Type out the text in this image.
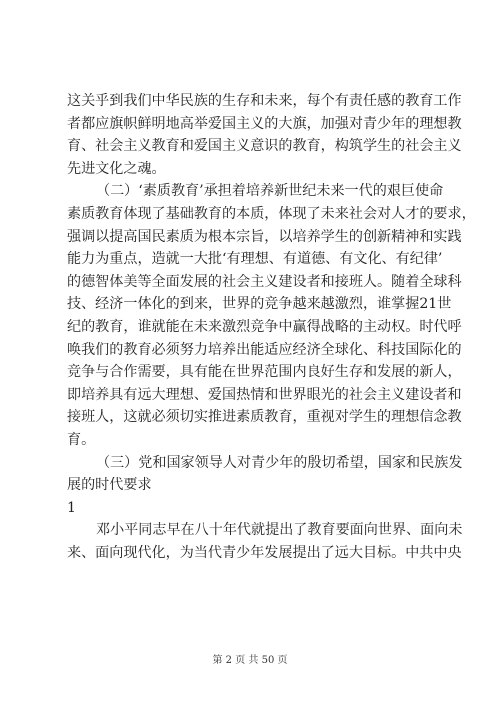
这关乎到我们中华民族的生存和未来，每个有责任感的教育工作
者都应旗帜鲜明地高举爱国主义的大旗，加强对青少年的理想教
育、社会主义教育和爱国主义意识的教育，构筑学生的社会主义
先进文化之魂。
（二）‘素质教育’承担着培养新世纪未来一代的艰巨使命
素质教育体现了基础教育的本质，体现了未来社会对人才的要求，
强调以提高国民素质为根本宗旨，以培养学生的创新精神和实践
能力为重点，造就一大批‘有理想、有道德、有文化、有纪律’
的德智体美等全面发展的社会主义建设者和接班人。随着全球科
技、经济一体化的到来，世界的竞争越来越激烈，谁掌握21世
纪的教育，谁就能在未来激烈竞争中赢得战略的主动权。时代呼
唤我们的教育必须努力培养出能适应经济全球化、科技国际化的
竞争与合作需要，具有能在世界范围内良好生存和发展的新人，
即培养具有远大理想、爱国热情和世界眼光的社会主义建设者和
接班人，这就必须切实推进素质教育，重视对学生的理想信念教
育。
（三）党和国家领导人对青少年的殷切希望，国家和民族发
展的时代要求
1
邓小平同志早在八十年代就提出了教育要面向世界、面向未
来、面向现代化，为当代青少年发展提出了远大目标。中共中央
第 2 页 共 50 页
